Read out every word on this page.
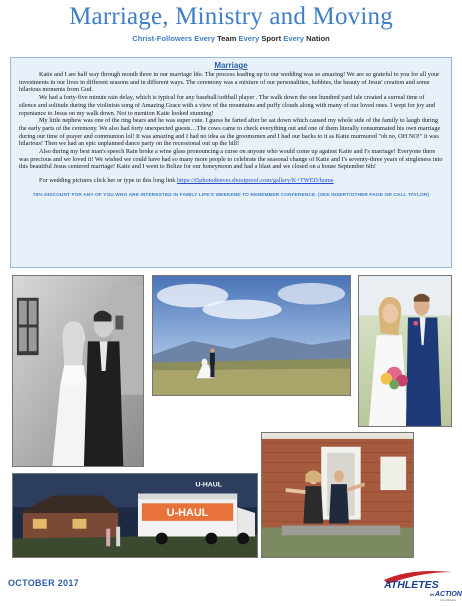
Marriage, Ministry and Moving
Christ-Followers Every Team Every Sport Every Nation
Marriage

Katie and I are half way through month three in our marriage life. The process leading up to our wedding was so amazing! We are so grateful to you for all your investments in our lives in different seasons and in different ways. The ceremony was a mixture of our personalities, hobbies, the beauty of Jesus' creation and some hilarious moments from God.

We had a forty-five minute rain delay, which is typical for any baseball/softball player . The walk down the one hundred yard isle created a surreal time of silence and solitude during the violinists song of Amazing Grace with a view of the mountains and puffy clouds along with many of our loved ones. I wept for joy and repentance to Jesus on my walk down. Not to mention Katie looked stunning!

My little nephew was one of the ring bears and he was super cute. I guess he farted after he sat down which caused my whole side of the family to laugh during the early parts of the ceremony. We also had forty unexpected guests…The cows came to check everything out and one of them literally consummated his own marriage during our time of prayer and communion lol! It was amazing and I had no idea as the groomsmen and I had our backs to it as Katie murmured "oh no, OH NO!" it was hilarious! Then we had an epic unplanned dance party on the recessional out up the hill!

Also during my best man's speech Rain broke a wine glass pronouncing a curse on anyone who would come up against Katie and I's marriage! Everyone there was precious and we loved it! We wished we could have had so many more people to celebrate the seasonal change of Katie and I's seventy-three years of singleness into this beautiful Jesus centered marriage! Katie and I went to Belize for our honeymoon and had a blast and we closed on a house September 6th!

For wedding pictures click her or type in this long link https://t5photodenver.shootproof.com/gallery/K+TWED/home

75% DISCOUNT FOR ANY OF YOU WHO ARE INTERESTED IN FAMILY LIFE'S WEEKEND TO REMEMBER CONFERENCE. (SEE INSERT/OTHER PAGE OR CALL TAYLOR)
U-HAUL
U-HAUL
OCTOBER 2017	ATHLETES
IN ACTION
A Cru Ministry
